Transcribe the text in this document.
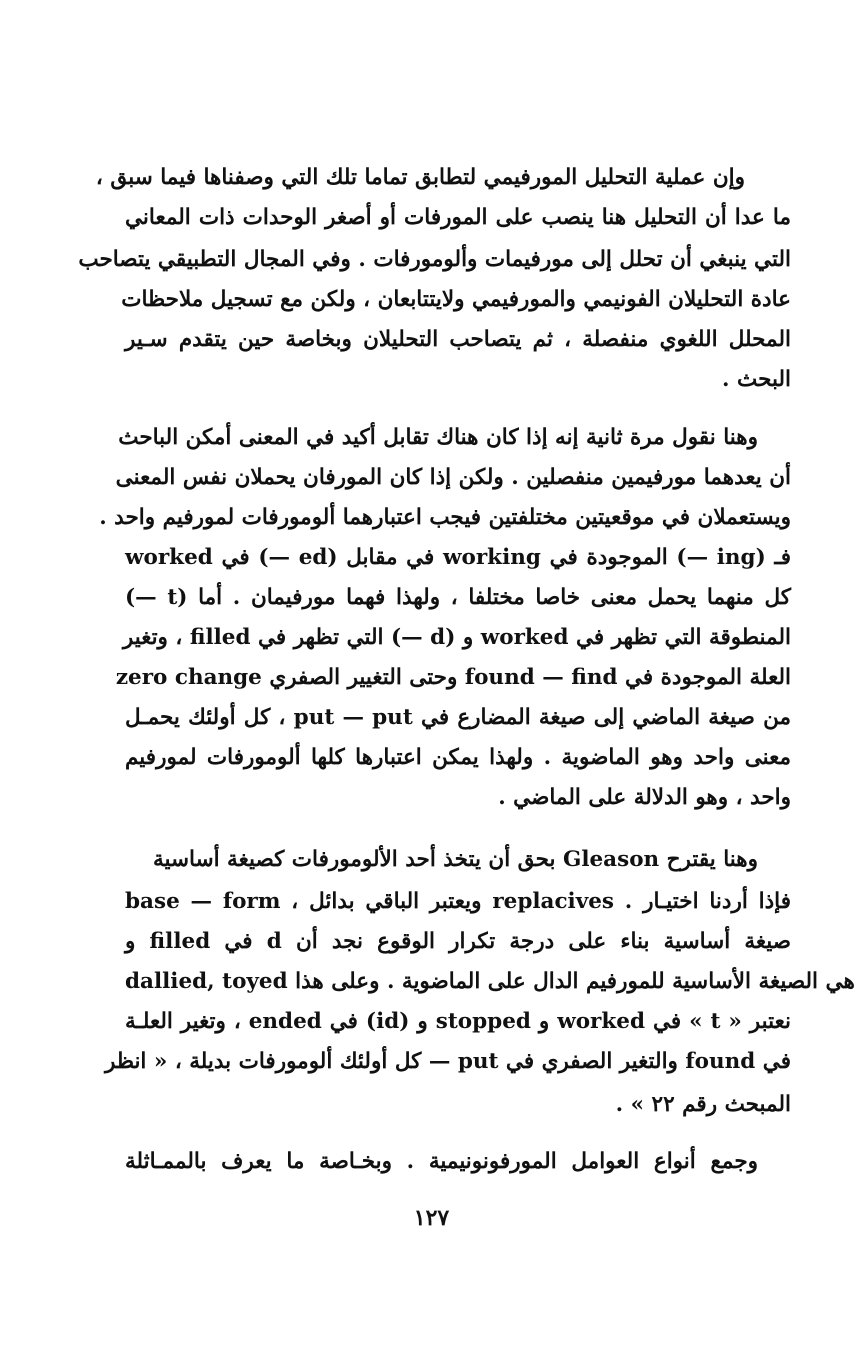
وإن عملية التحليل المورفيمي لتطابق تماما تلك التي وصفناها فيما سبق ،
ما عدا أن التحليل هنا ينصب على المورفات أو أصغر الوحدات ذات المعاني
التي ينبغي أن تحلل إلى مورفيمات وألومورفات . وفي المجال التطبيقي يتصاحب
عادة التحليلان الفونيمي والمورفيمي ولايتتابعان ، ولكن مع تسجيل ملاحظات
المحلل اللغوي منفصلة ، ثم يتصاحب التحليلان وبخاصة حين يتقدم سـير
البحث .
وهنا نقول مرة ثانية إنه إذا كان هناك تقابل أكيد في المعنى أمكن الباحث
أن يعدهما مورفيمين منفصلين . ولكن إذا كان المورفان يحملان نفس المعنى
ويستعملان في موقعيتين مختلفتين فيجب اعتبارهما ألومورفات لمورفيم واحد .
فـ (ing —) الموجودة في working في مقابل (ed —) في worked
كل منهما يحمل معنى خاصا مختلفا ، ولهذا فهما مورفيمان . أما (t —)
المنطوقة التي تظهر في worked و (d —) التي تظهر في filled ، وتغير
العلة الموجودة في found — find وحتى التغيير الصفري zero change
من صيغة الماضي إلى صيغة المضارع في put — put ، كل أولئك يحمـل
معنى واحد وهو الماضوية . ولهذا يمكن اعتبارها كلها ألومورفات لمورفيم
واحد ، وهو الدلالة على الماضي .
وهنا يقترح Gleason بحق أن يتخذ أحد الألومورفات كصيغة أساسية
base — form ، ويعتبر الباقي بدائل replacives . فإذا أردنا اختيـار
صيغة أساسية بناء على درجة تكرار الوقوع نجد أن d في filled و
dallied, toyed هي الصيغة الأساسية للمورفيم الدال على الماضوية . وعلى هذا
نعتبر « t » في worked و stopped و (id) في ended ، وتغير العلـة
في found والتغير الصفري في put — كل أولئك ألومورفات بديلة ، « انظر
المبحث رقم ٢٢ » .
وجمع أنواع العوامل المورفونونيمية . وبخـاصة ما يعرف بالممـاثلة
١٢٧
